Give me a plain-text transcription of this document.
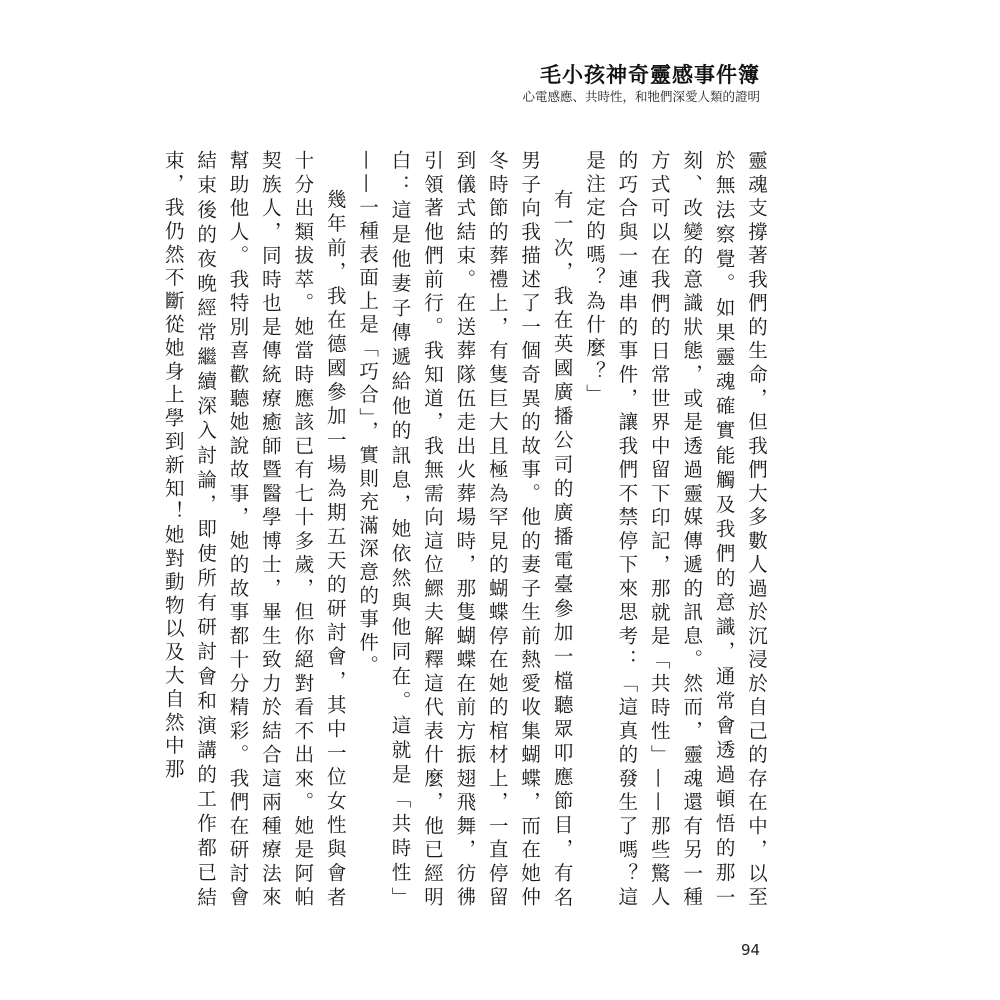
毛小孩神奇靈感事件簿
心電感應、共時性，和牠們深愛人類的證明

靈魂支撐著我們的生命，但我們大多數人過於沉浸於自己的存在中，以至於無法察覺。如果靈魂確實能觸及我們的意識，通常會透過頓悟的那一刻、改變的意識狀態，或是透過靈媒傳遞的訊息。然而，靈魂還有另一種方式可以在我們的日常世界中留下印記，那就是「共時性」——那些驚人的巧合與一連串的事件，讓我們不禁停下來思考：「這真的發生了嗎？這是注定的嗎？為什麼？」

有一次，我在英國廣播公司的廣播電臺參加一檔聽眾叩應節目，有名男子向我描述了一個奇異的故事。他的妻子生前熱愛收集蝴蝶，而在她仲冬時節的葬禮上，有隻巨大且極為罕見的蝴蝶停在她的棺材上，一直停留到儀式結束。在送葬隊伍走出火葬場時，那隻蝴蝶在前方振翅飛舞，彷彿引領著他們前行。我知道，我無需向這位鰥夫解釋這代表什麼，他已經明白：這是他妻子傳遞給他的訊息，她依然與他同在。這就是「共時性」——一種表面上是「巧合」，實則充滿深意的事件。

幾年前，我在德國參加一場為期五天的研討會，其中一位女性與會者十分出類拔萃。她當時應該已有七十多歲，但你絕對看不出來。她是阿帕契族人，同時也是傳統療癒師暨醫學博士，畢生致力於結合這兩種療法來幫助他人。我特別喜歡聽她說故事，她的故事都十分精彩。我們在研討會結束後的夜晚經常繼續深入討論，即使所有研討會和演講的工作都已結束，我仍然不斷從她身上學到新知！她對動物以及大自然中那

94
